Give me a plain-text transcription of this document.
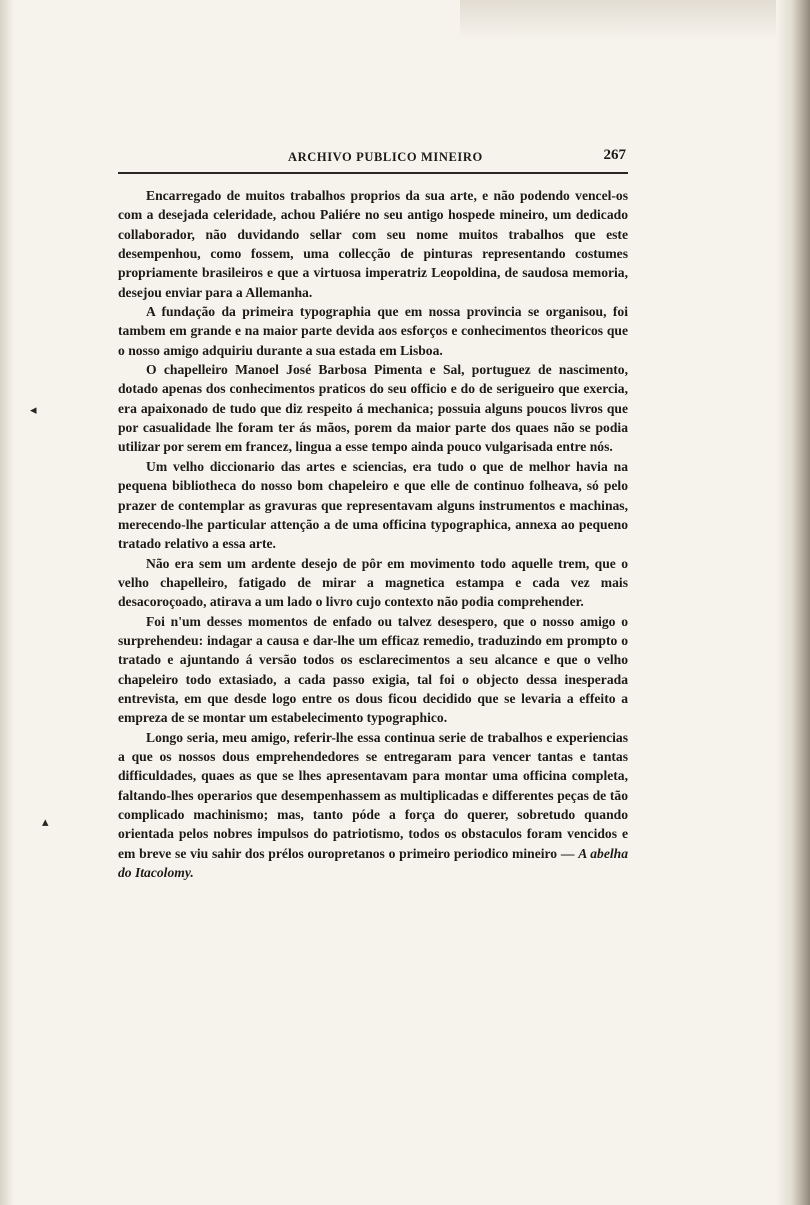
◂
▴
ARCHIVO PUBLICO MINEIRO	267

Encarregado de muitos trabalhos proprios da sua arte, e não podendo vencel-os com a desejada celeridade, achou Paliére no seu antigo hospede mineiro, um dedicado collaborador, não duvidando sellar com seu nome muitos trabalhos que este desempenhou, como fossem, uma collecção de pinturas representando costumes propriamente brasileiros e que a virtuosa imperatriz Leopoldina, de saudosa memoria, desejou enviar para a Allemanha.

A fundação da primeira typographia que em nossa provincia se organisou, foi tambem em grande e na maior parte devida aos esforços e conhecimentos theoricos que o nosso amigo adquiriu durante a sua estada em Lisboa.

O chapelleiro Manoel José Barbosa Pimenta e Sal, portuguez de nascimento, dotado apenas dos conhecimentos praticos do seu officio e do de serigueiro que exercia, era apaixonado de tudo que diz respeito á mechanica; possuia alguns poucos livros que por casualidade lhe foram ter ás mãos, porem da maior parte dos quaes não se podia utilizar por serem em francez, lingua a esse tempo ainda pouco vulgarisada entre nós.

Um velho diccionario das artes e sciencias, era tudo o que de melhor havia na pequena bibliotheca do nosso bom chapeleiro e que elle de continuo folheava, só pelo prazer de contemplar as gravuras que representavam alguns instrumentos e machinas, merecendo-lhe particular attenção a de uma officina typographica, annexa ao pequeno tratado relativo a essa arte.

Não era sem um ardente desejo de pôr em movimento todo aquelle trem, que o velho chapelleiro, fatigado de mirar a magnetica estampa e cada vez mais desacoroçoado, atirava a um lado o livro cujo contexto não podia comprehender.

Foi n'um desses momentos de enfado ou talvez desespero, que o nosso amigo o surprehendeu: indagar a causa e dar-lhe um efficaz remedio, traduzindo em prompto o tratado e ajuntando á versão todos os esclarecimentos a seu alcance e que o velho chapeleiro todo extasiado, a cada passo exigia, tal foi o objecto dessa inesperada entrevista, em que desde logo entre os dous ficou decidido que se levaria a effeito a empreza de se montar um estabelecimento typographico.

Longo seria, meu amigo, referir-lhe essa continua serie de trabalhos e experiencias a que os nossos dous emprehendedores se entregaram para vencer tantas e tantas difficuldades, quaes as que se lhes apresentavam para montar uma officina completa, faltando-lhes operarios que desempenhassem as multiplicadas e differentes peças de tão complicado machinismo; mas, tanto póde a força do querer, sobretudo quando orientada pelos nobres impulsos do patriotismo, todos os obstaculos foram vencidos e em breve se viu sahir dos prélos ouropretanos o primeiro periodico mineiro — A abelha do Itacolomy.
